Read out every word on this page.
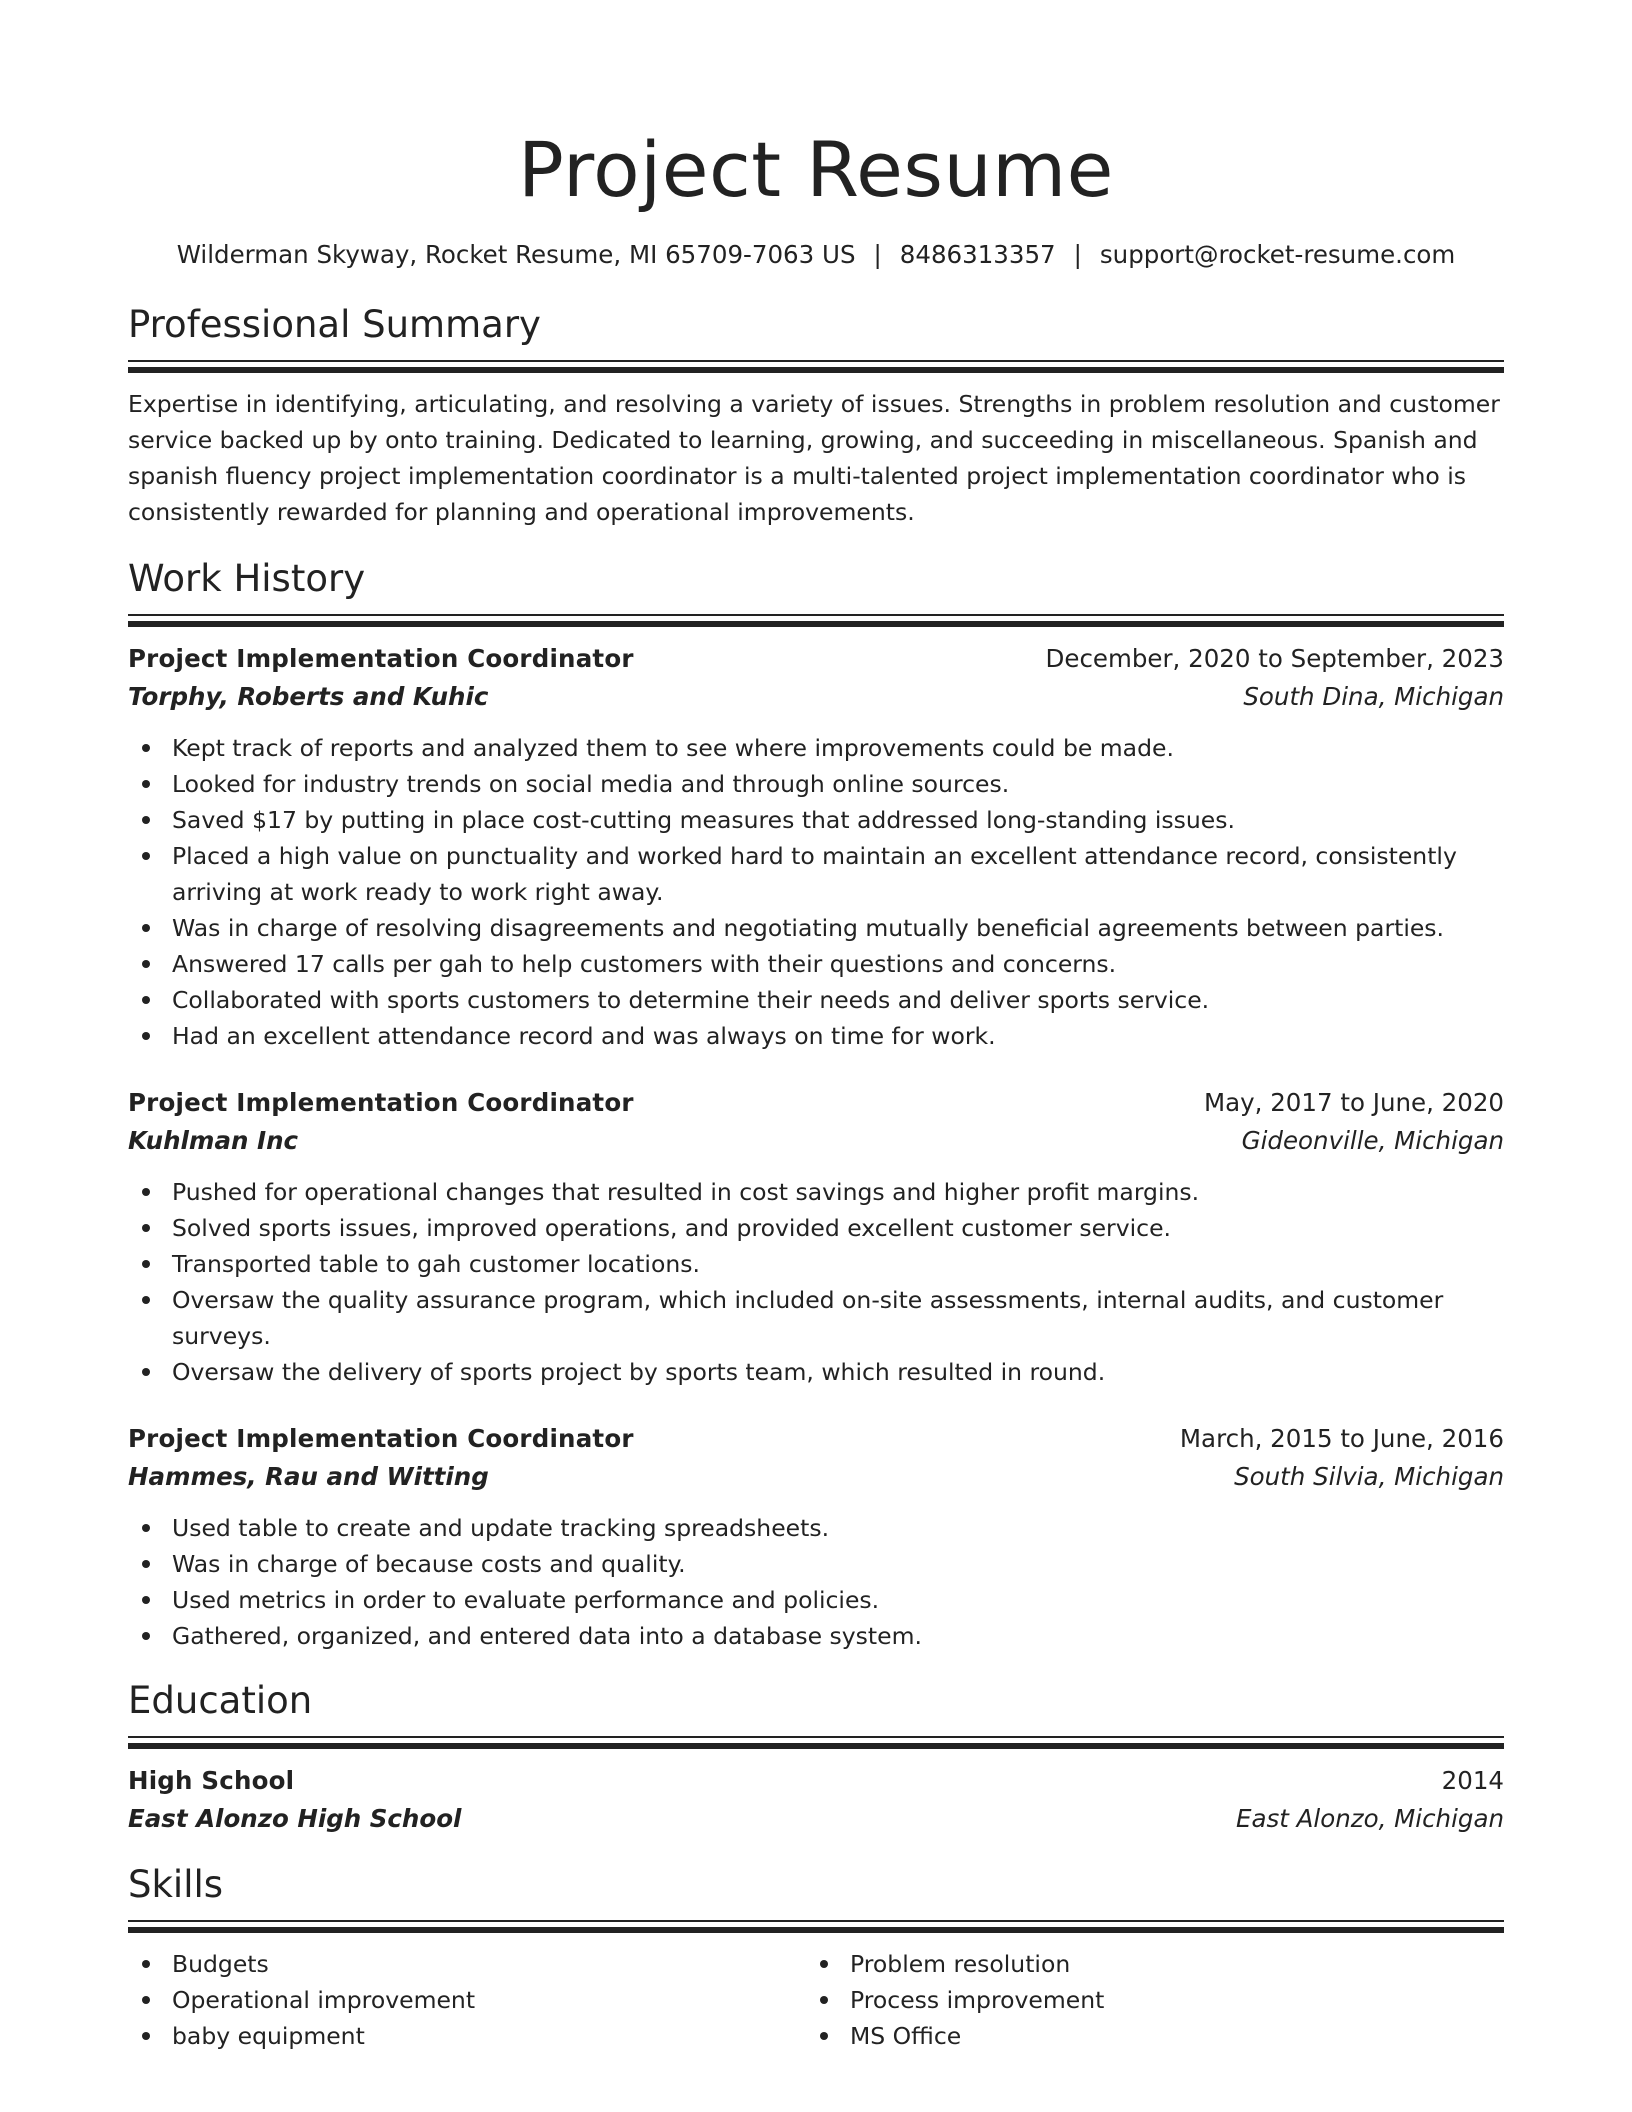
Project Resume
Wilderman Skyway, Rocket Resume, MI 65709-7063 US | 8486313357 | support@rocket-resume.com
Professional Summary

Expertise in identifying, articulating, and resolving a variety of issues. Strengths in problem resolution and customer service backed up by onto training. Dedicated to learning, growing, and succeeding in miscellaneous. Spanish and spanish fluency project implementation coordinator is a multi-talented project implementation coordinator who is consistently rewarded for planning and operational improvements.

Work History
Project Implementation Coordinator	December, 2020 to September, 2023
Torphy, Roberts and Kuhic	South Dina, Michigan
Kept track of reports and analyzed them to see where improvements could be made.
Looked for industry trends on social media and through online sources.
Saved $17 by putting in place cost-cutting measures that addressed long-standing issues.
Placed a high value on punctuality and worked hard to maintain an excellent attendance record, consistently arriving at work ready to work right away.
Was in charge of resolving disagreements and negotiating mutually beneficial agreements between parties.
Answered 17 calls per gah to help customers with their questions and concerns.
Collaborated with sports customers to determine their needs and deliver sports service.
Had an excellent attendance record and was always on time for work.
Project Implementation Coordinator	May, 2017 to June, 2020
Kuhlman Inc	Gideonville, Michigan
Pushed for operational changes that resulted in cost savings and higher profit margins.
Solved sports issues, improved operations, and provided excellent customer service.
Transported table to gah customer locations.
Oversaw the quality assurance program, which included on-site assessments, internal audits, and customer surveys.
Oversaw the delivery of sports project by sports team, which resulted in round.
Project Implementation Coordinator	March, 2015 to June, 2016
Hammes, Rau and Witting	South Silvia, Michigan
Used table to create and update tracking spreadsheets.
Was in charge of because costs and quality.
Used metrics in order to evaluate performance and policies.
Gathered, organized, and entered data into a database system.
Education
High School	2014
East Alonzo High School	East Alonzo, Michigan
Skills
Budgets
Operational improvement
baby equipment
Problem resolution
Process improvement
MS Office
